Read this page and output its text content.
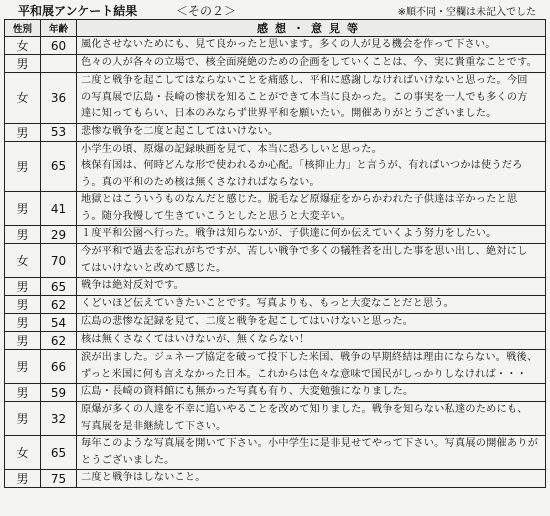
平和展アンケート結果	＜その２＞	※順不同・空欄は未記入でした
性別	年齢	感想・意見等
女	60	風化させないためにも、見て良かったと思います。多くの人が見る機会を作って下さい。

男		色々の人が各々の立場で、核全面廃絶のための企画をしていくことは、今、実に貴重なことです。

女	36	二度と戦争を起こしてはならないことを痛感し、平和に感謝しなければいけないと思った。今回
の写真展で広島・長崎の惨状を知ることができて本当に良かった。この事実を一人でも多くの方
達に知ってもらい、日本のみならず世界平和を願いたい。開催ありがとうございました。

男	53	悲惨な戦争を二度と起こしてはいけない。

男	65	小学生の頃、原爆の記録映画を見て、本当に恐ろしいと思った。
核保有国は、何時どんな形で使われるか心配。「核抑止力」と言うが、有ればいつかは使うだろ
う。真の平和のため核は無くさなければならない。

男	41	地獄とはこういうものなんだと感じた。脱毛など原爆症をからかわれた子供達は辛かったと思
う。随分我慢して生きていこうとしたと思うと大変辛い。

男	29	１度平和公園へ行った。戦争は知らないが、子供達に何か伝えていくよう努力をしたい。

女	70	今が平和で過去を忘れがちですが、苦しい戦争で多くの犠牲者を出した事を思い出し、絶対にし
てはいけないと改めて感じた。

男	65	戦争は絶対反対です。

男	62	くどいほど伝えていきたいことです。写真よりも、もっと大変なことだと思う。

男	54	広島の悲惨な記録を見て、二度と戦争を起こしてはいけないと思った。

男	62	核は無くさなくてはいけないが、無くならない！

男	66	涙が出ました。ジュネーブ協定を破って投下した米国、戦争の早期終結は理由にならない。戦後、
ずっと米国に何も言えなかった日本。これからは色々な意味で国民がしっかりしなければ・・・

男	59	広島・長崎の資料館にも無かった写真も有り、大変勉強になりました。

男	32	原爆が多くの人達を不幸に追いやることを改めて知りました。戦争を知らない私達のためにも、
写真展を是非継続して下さい。

女	65	毎年このような写真展を開いて下さい。小中学生に是非見せてやって下さい。写真展の開催ありが
とうございました。

男	75	二度と戦争はしないこと。
